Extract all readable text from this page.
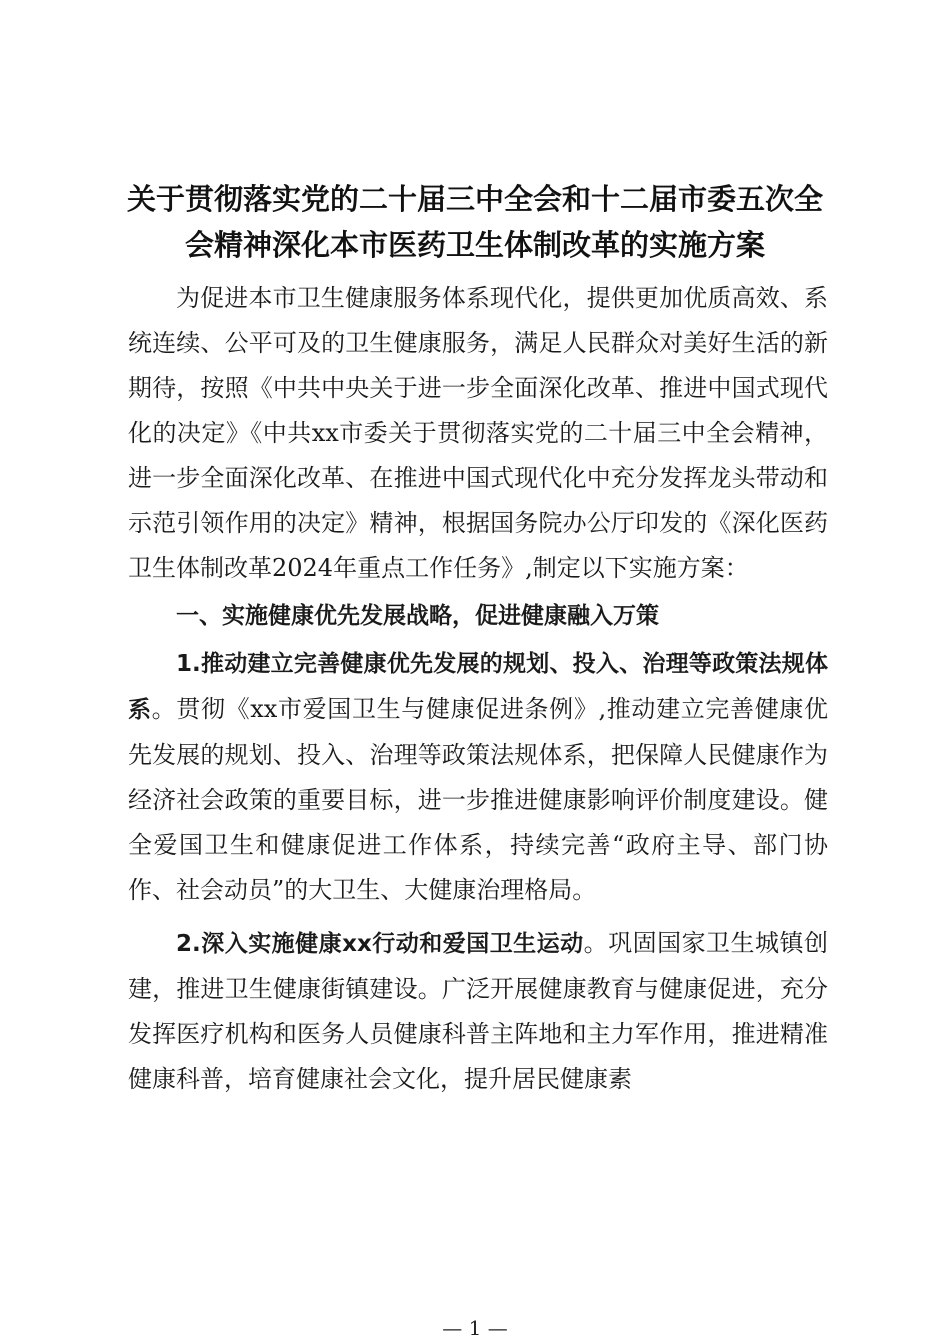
关于贯彻落实党的二十届三中全会和十二届市委五次全
会精神深化本市医药卫生体制改革的实施方案

为促进本市卫生健康服务体系现代化，提供更加优质高效、系统连续、公平可及的卫生健康服务，满足人民群众对美好生活的新期待，按照《中共中央关于进一步全面深化改革、推进中国式现代化的决定》《中共xx市委关于贯彻落实党的二十届三中全会精神，进一步全面深化改革、在推进中国式现代化中充分发挥龙头带动和示范引领作用的决定》精神，根据国务院办公厅印发的《深化医药卫生体制改革2024年重点工作任务》,制定以下实施方案：

一、实施健康优先发展战略，促进健康融入万策

1.推动建立完善健康优先发展的规划、投入、治理等政策法规体系。贯彻《xx市爱国卫生与健康促进条例》,推动建立完善健康优先发展的规划、投入、治理等政策法规体系，把保障人民健康作为经济社会政策的重要目标，进一步推进健康影响评价制度建设。健全爱国卫生和健康促进工作体系，持续完善“政府主导、部门协作、社会动员”的大卫生、大健康治理格局。

2.深入实施健康xx行动和爱国卫生运动。巩固国家卫生城镇创建，推进卫生健康街镇建设。广泛开展健康教育与健康促进，充分发挥医疗机构和医务人员健康科普主阵地和主力军作用，推进精准健康科普，培育健康社会文化，提升居民健康素

— 1 —
